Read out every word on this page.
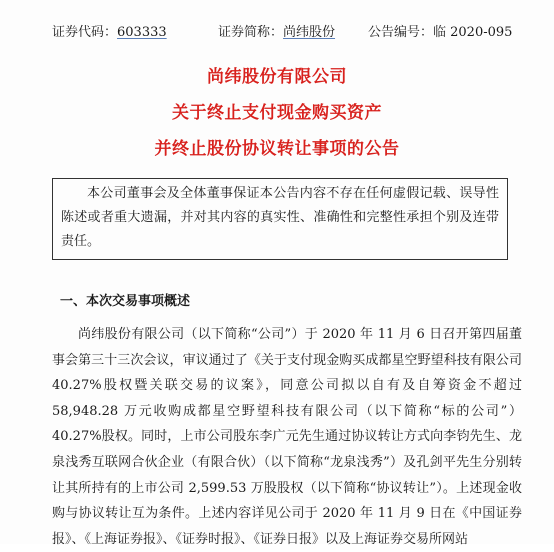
证券代码：603333	证券简称：尚纬股份	公告编号：临 2020-095
尚纬股份有限公司
关于终止支付现金购买资产
并终止股份协议转让事项的公告
本公司董事会及全体董事保证本公告内容不存在任何虚假记载、误导性陈述或者重大遗漏，并对其内容的真实性、准确性和完整性承担个别及连带责任。
一、本次交易事项概述
尚纬股份有限公司（以下简称“公司”）于 2020 年 11 月 6 日召开第四届董事会第三十三次会议，审议通过了《关于支付现金购买成都星空野望科技有限公司 40.27%股权暨关联交易的议案》，同意公司拟以自有及自筹资金不超过 58,948.28 万元收购成都星空野望科技有限公司（以下简称“标的公司”）40.27%股权。同时，上市公司股东李广元先生通过协议转让方式向李钧先生、龙泉浅秀互联网合伙企业（有限合伙）（以下简称“龙泉浅秀”）及孔剑平先生分别转让其所持有的上市公司 2,599.53 万股股权（以下简称“协议转让”）。上述现金收购与协议转让互为条件。上述内容详见公司于 2020 年 11 月 9 日在《中国证券报》、《上海证券报》、《证券时报》、《证券日报》以及上海证券交易所网站
